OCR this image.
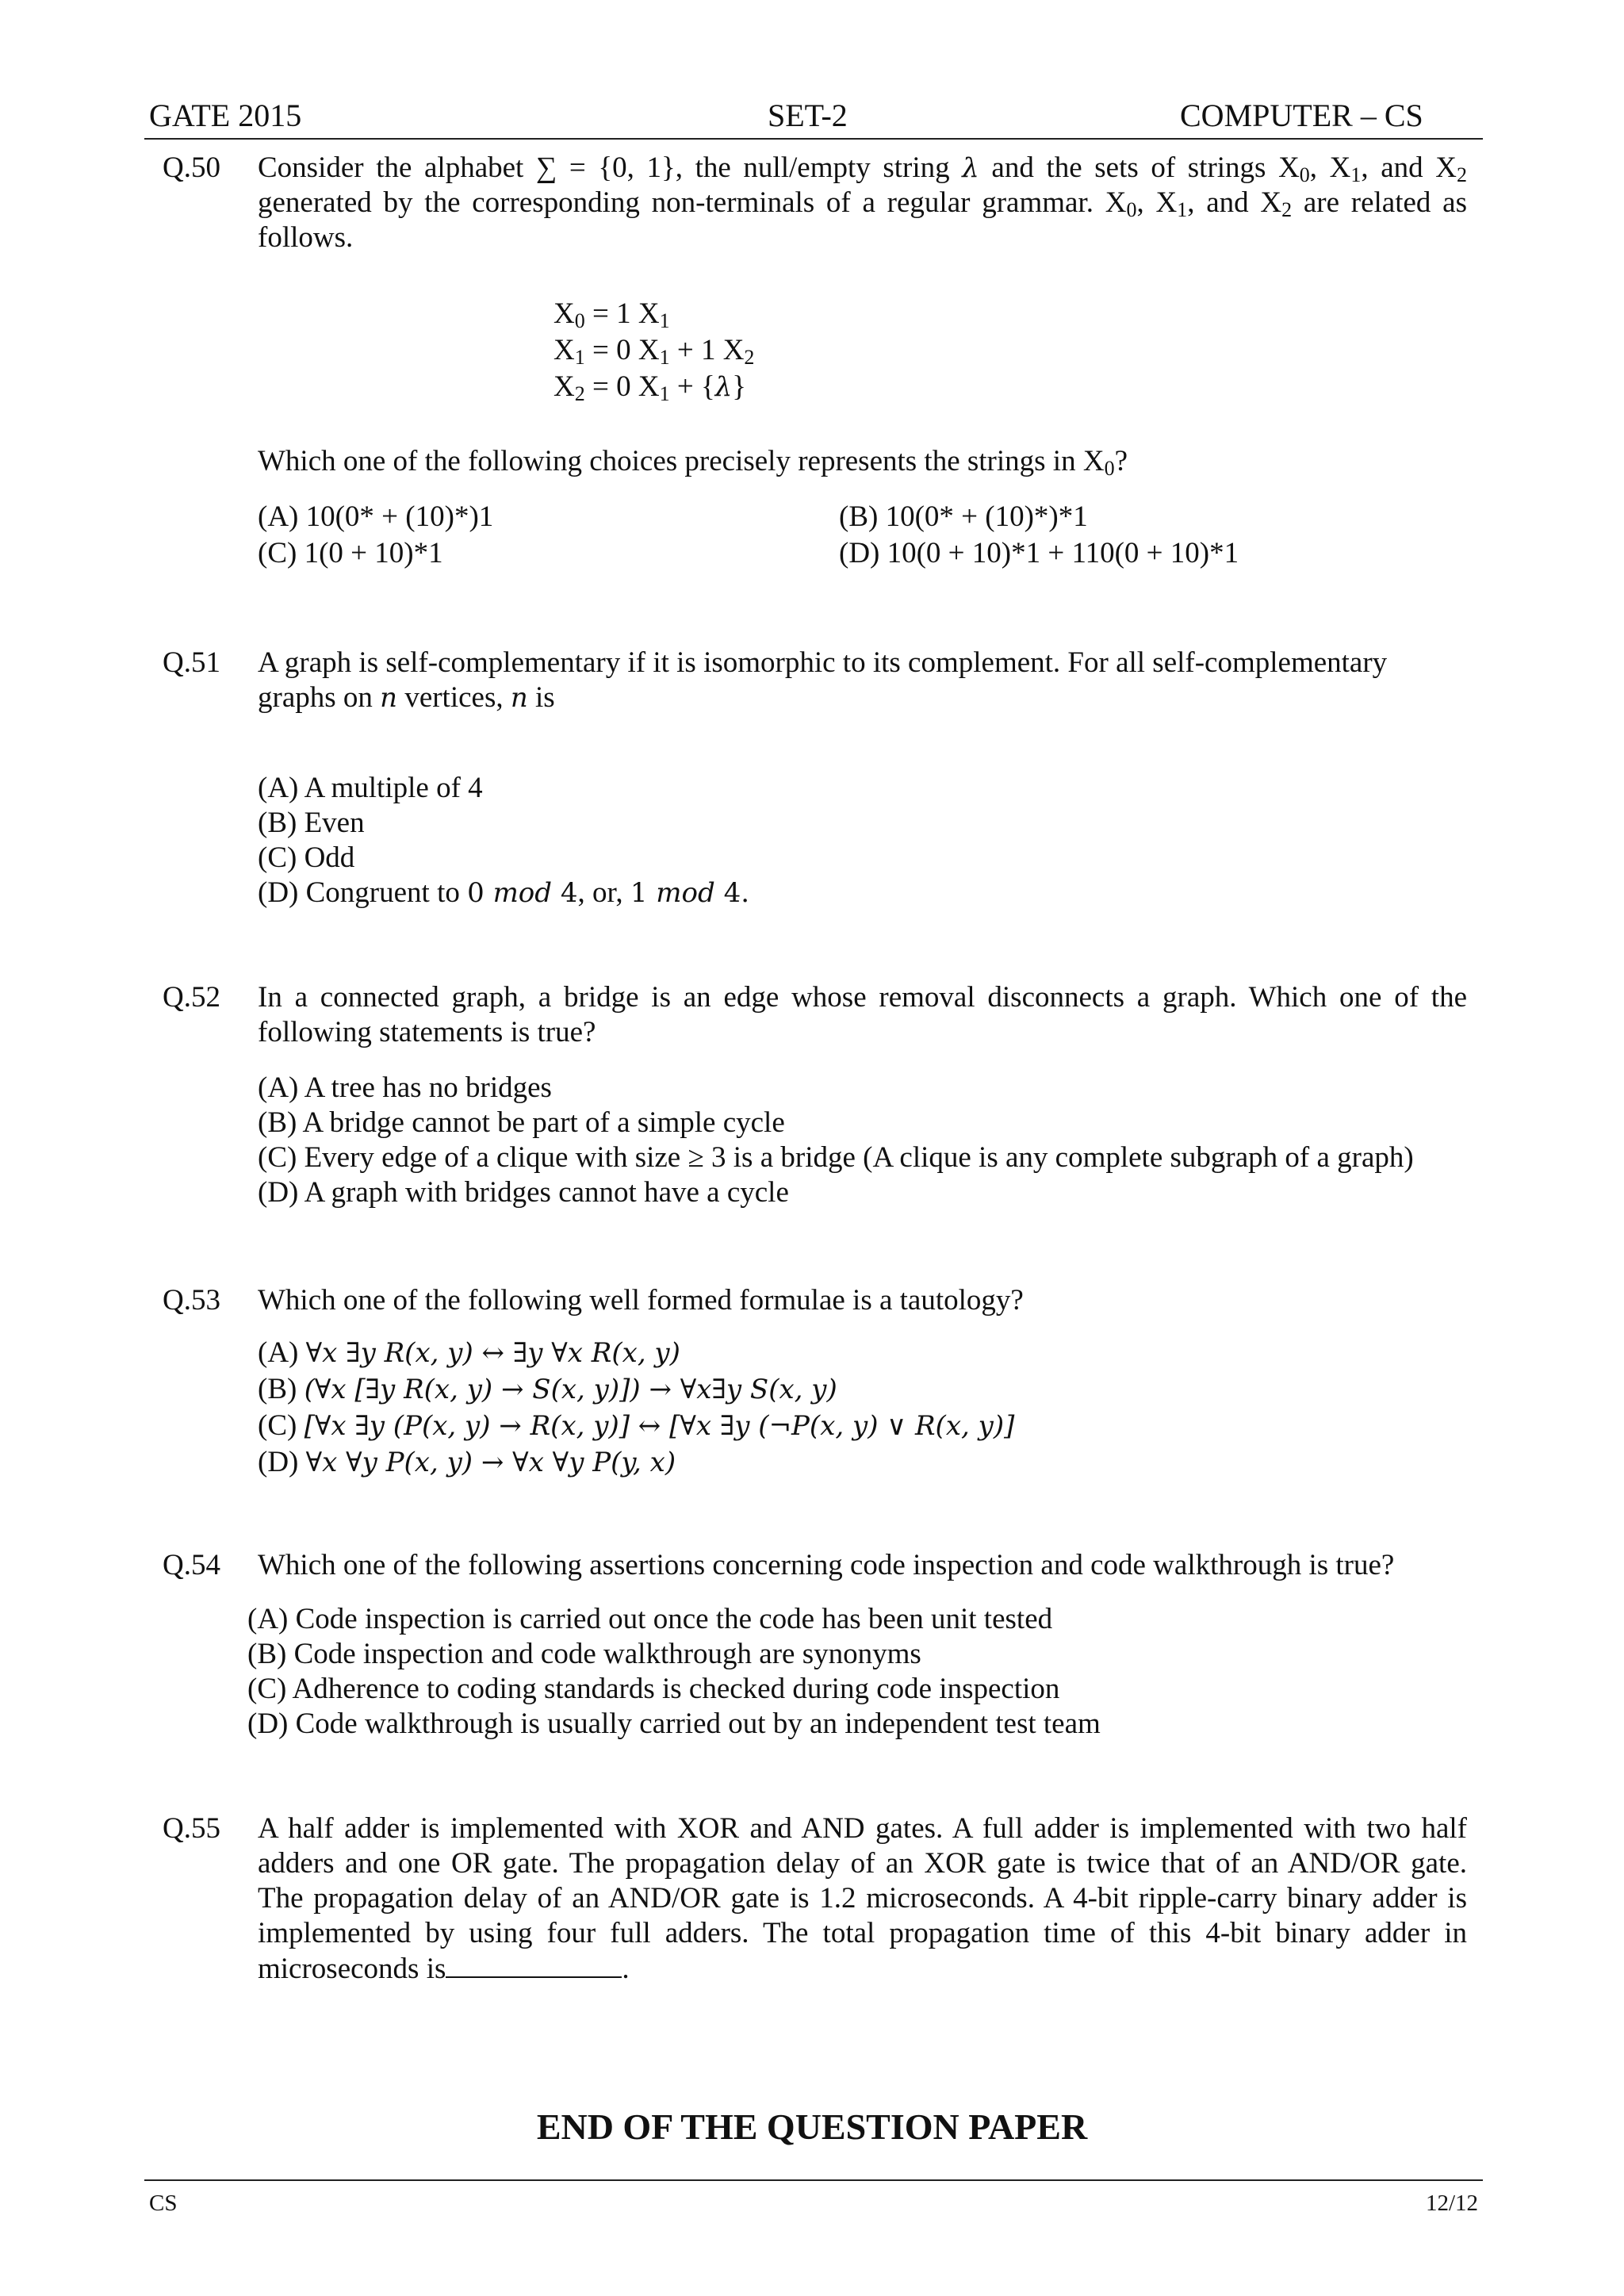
GATE 2015	SET-2	COMPUTER – CS
Q.50 Consider the alphabet ∑ = {0, 1}, the null/empty string λ and the sets of strings $X_0$, $X_1$, and $X_2$
generated by the corresponding non-terminals of a regular grammar. $X_0$, $X_1$, and $X_2$ are related as
follows.
$X_0 = 1$ $X_1$
$X_1 = 0$ $X_1 + 1$ $X_2$
$X_2 = 0$ $X_1 + \{\lambda\}$
Which one of the following choices precisely represents the strings in $X_0$?
(A) 10(0* + (10)*)1	(B) 10(0* + (10)*)*1
(C) 1(0 + 10)*1	(D) 10(0 + 10)*1 + 110(0 + 10)*1
Q.51 A graph is self-complementary if it is isomorphic to its complement. For all self-complementary
graphs on n vertices, n is
(A) A multiple of 4
(B) Even
(C) Odd
(D) Congruent to 0 mod 4, or, 1 mod 4.
Q.52 In a connected graph, a bridge is an edge whose removal disconnects a graph. Which one of the
following statements is true?
(A) A tree has no bridges
(B) A bridge cannot be part of a simple cycle
(C) Every edge of a clique with size ≥ 3 is a bridge (A clique is any complete subgraph of a graph)
(D) A graph with bridges cannot have a cycle
Q.53 Which one of the following well formed formulae is a tautology?
(A) ∀x ∃y R(x, y) ↔ ∃y ∀x R(x, y)
(B) (∀x [∃y R(x, y) → S(x, y)]) → ∀x∃y S(x, y)
(C) [∀x ∃y (P(x, y) → R(x, y)] ↔ [∀x ∃y (¬P(x, y) ∨ R(x, y)]
(D) ∀x ∀y P(x, y) → ∀x ∀y P(y, x)
Q.54 Which one of the following assertions concerning code inspection and code walkthrough is true?
(A) Code inspection is carried out once the code has been unit tested
(B) Code inspection and code walkthrough are synonyms
(C) Adherence to coding standards is checked during code inspection
(D) Code walkthrough is usually carried out by an independent test team
Q.55 A half adder is implemented with XOR and AND gates. A full adder is implemented with two half
adders and one OR gate. The propagation delay of an XOR gate is twice that of an AND/OR gate.
The propagation delay of an AND/OR gate is 1.2 microseconds. A 4-bit ripple-carry binary adder is
implemented by using four full adders. The total propagation time of this 4-bit binary adder in
microseconds is	.
END OF THE QUESTION PAPER
CS	12/12
